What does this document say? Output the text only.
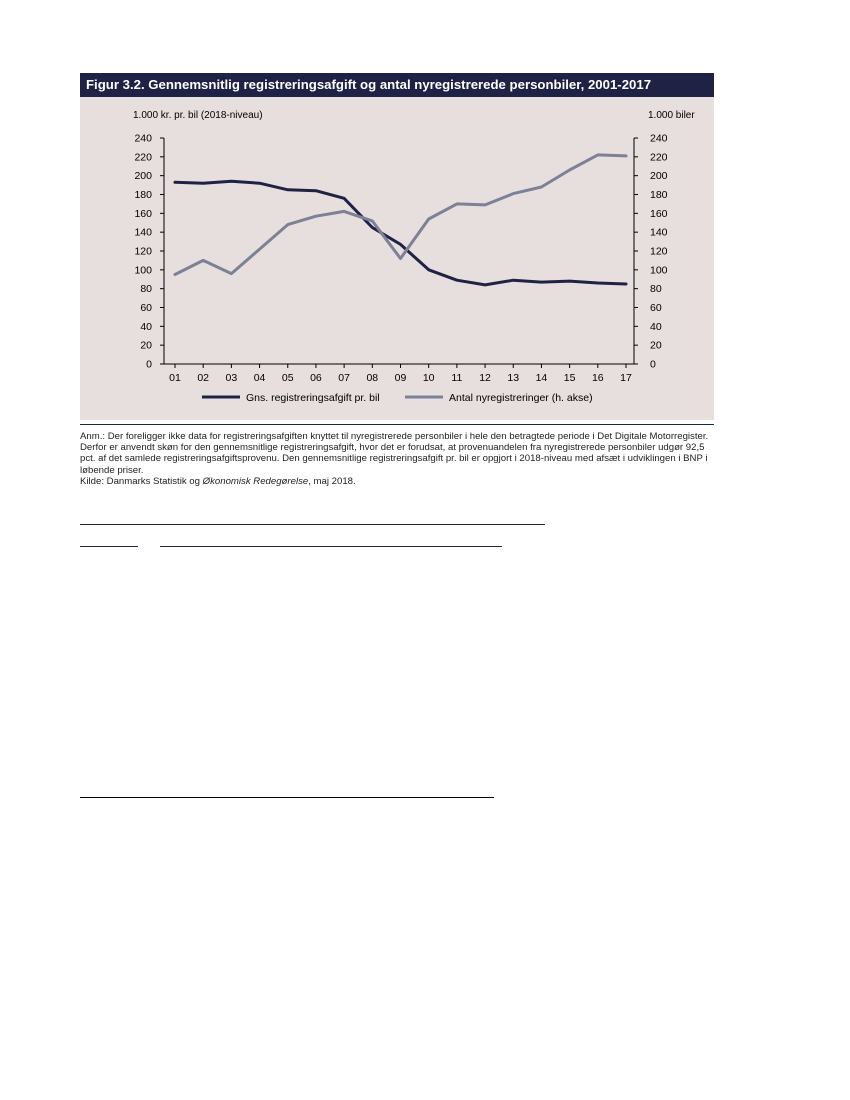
Figur 3.2. Gennemsnitlig registreringsafgift og antal nyregistrerede personbiler, 2001-2017
1.000 kr. pr. bil (2018-niveau)	1.000 biler
0	0
20	20
40	40
60	60
80	80
100	100
120	120
140	140
160	160
180	180
200	200
220	220
240	240
01 02 03 04 05 06 07 08 09 10 11 12 13 14 15 16 17
Gns. registreringsafgift pr. bil	Antal nyregistreringer (h. akse)

Anm.: Der foreligger ikke data for registreringsafgiften knyttet til nyregistrerede personbiler i hele den betragtede periode i Det Digitale Motorregister. Derfor er anvendt skøn for den gennemsnitlige registreringsafgift, hvor det er forudsat, at provenuandelen fra nyregistrerede personbiler udgør 92,5 pct. af det samlede registreringsafgiftsprovenu. Den gennemsnitlige registreringsafgift pr. bil er opgjort i 2018-niveau med afsæt i udviklingen i BNP i løbende priser.

Kilde: Danmarks Statistik og Økonomisk Redegørelse, maj 2018.
